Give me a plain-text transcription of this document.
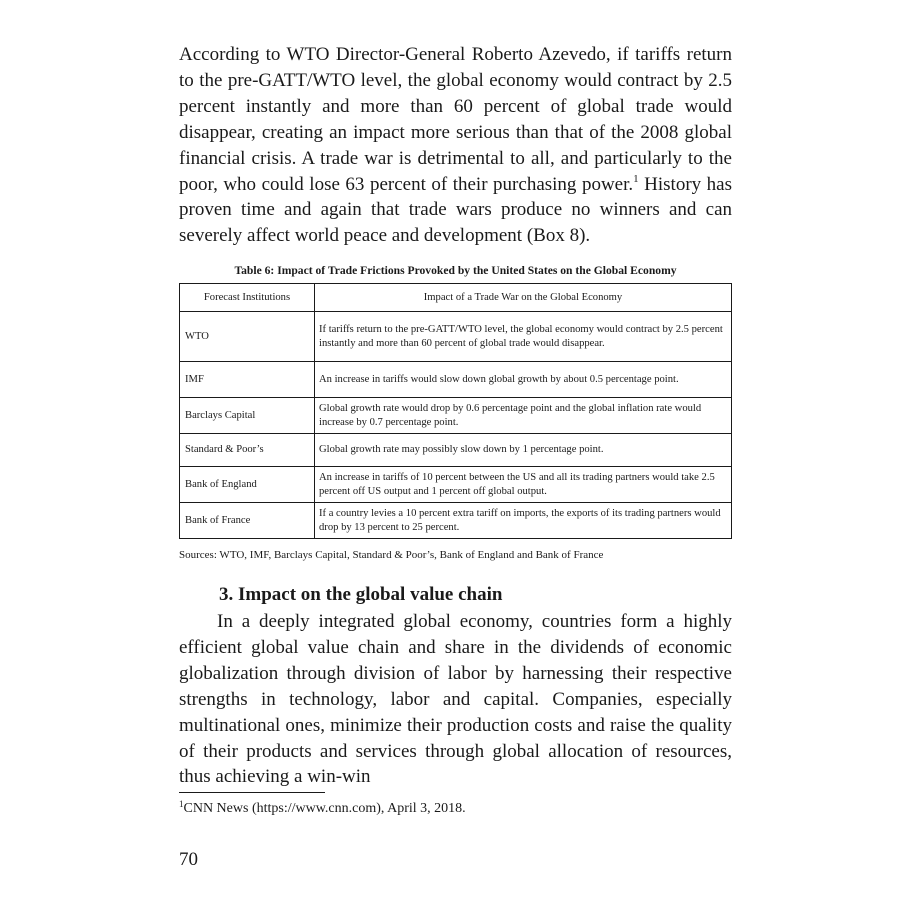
According to WTO Director-General Roberto Azevedo, if tariffs return to the pre-GATT/WTO level, the global economy would contract by 2.5 percent instantly and more than 60 percent of global trade would disappear, creating an impact more serious than that of the 2008 global financial crisis. A trade war is detrimental to all, and particularly to the poor, who could lose 63 percent of their purchasing power.$^1$ History has proven time and again that trade wars produce no winners and can severely affect world peace and development (Box 8).

Table 6: Impact of Trade Frictions Provoked by the United States on the Global Economy

Forecast Institutions	Impact of a Trade War on the Global Economy
WTO	If tariffs return to the pre-GATT/WTO level, the global economy would contract by 2.5 percent instantly and more than 60 percent of global trade would disappear.
IMF	An increase in tariffs would slow down global growth by about 0.5 percentage point.
Barclays Capital	Global growth rate would drop by 0.6 percentage point and the global inflation rate would increase by 0.7 percentage point.
Standard & Poor’s	Global growth rate may possibly slow down by 1 percentage point.
Bank of England	An increase in tariffs of 10 percent between the US and all its trading partners would take 2.5 percent off US output and 1 percent off global output.
Bank of France	If a country levies a 10 percent extra tariff on imports, the exports of its trading partners would drop by 13 percent to 25 percent.

Sources: WTO, IMF, Barclays Capital, Standard & Poor’s, Bank of England and Bank of France

3. Impact on the global value chain

In a deeply integrated global economy, countries form a highly efficient global value chain and share in the dividends of economic globalization through division of labor by harnessing their respective strengths in technology, labor and capital. Companies, especially multinational ones, minimize their production costs and raise the quality of their products and services through global allocation of resources, thus achieving a win-win

$^1$CNN News (https://www.cnn.com), April 3, 2018.

70
